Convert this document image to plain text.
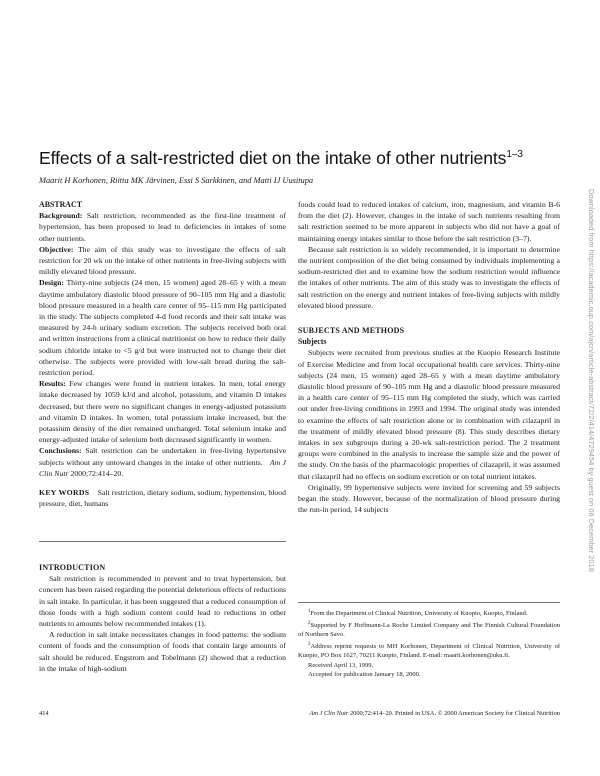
Effects of a salt-restricted diet on the intake of other nutrients$^{1-3}$
Maarit H Korhonen, Riitta MK Järvinen, Essi S Sarkkinen, and Matti IJ Uusitupa

ABSTRACT

Background: Salt restriction, recommended as the first-line treatment of hypertension, has been proposed to lead to deficiencies in intakes of some other nutrients.

Objective: The aim of this study was to investigate the effects of salt restriction for 20 wk on the intake of other nutrients in free-living subjects with mildly elevated blood pressure.

Design: Thirty-nine subjects (24 men, 15 women) aged 28–65 y with a mean daytime ambulatory diastolic blood pressure of 90–105 mm Hg and a diastolic blood pressure measured in a health care center of 95–115 mm Hg participated in the study. The subjects completed 4-d food records and their salt intake was measured by 24-h urinary sodium excretion. The subjects received both oral and written instructions from a clinical nutritionist on how to reduce their daily sodium chloride intake to <5 g/d but were instructed not to change their diet otherwise. The subjects were provided with low-salt bread during the salt-restriction period.

Results: Few changes were found in nutrient intakes. In men, total energy intake decreased by 1059 kJ/d and alcohol, potassium, and vitamin D intakes decreased, but there were no significant changes in energy-adjusted potassium and vitamin D intakes. In women, total potassium intake increased, but the potassium density of the diet remained unchanged. Total selenium intake and energy-adjusted intake of selenium both decreased significantly in women.

Conclusions: Salt restriction can be undertaken in free-living hypertensive subjects without any untoward changes in the intake of other nutrients. Am J Clin Nutr 2000;72:414–20.

KEY WORDS Salt restriction, dietary sodium, sodium, hypertension, blood pressure, diet, humans

INTRODUCTION

Salt restriction is recommended to prevent and to treat hypertension, but concern has been raised regarding the potential deleterious effects of reductions in salt intake. In particular, it has been suggested that a reduced consumption of those foods with a high sodium content could lead to reductions in other nutrients to amounts below recommended intakes (1).

A reduction in salt intake necessitates changes in food patterns: the sodium content of foods and the consumption of foods that contain large amounts of salt should be reduced. Engstrom and Tobelmann (2) showed that a reduction in the intake of high-sodium

foods could lead to reduced intakes of calcium, iron, magnesium, and vitamin B-6 from the diet (2). However, changes in the intake of such nutrients resulting from salt restriction seemed to be more apparent in subjects who did not have a goal of maintaining energy intakes similar to those before the salt restriction (3–7).

Because salt restriction is so widely recommended, it is important to determine the nutrient composition of the diet being consumed by individuals implementing a sodium-restricted diet and to examine how the sodium restriction would influence the intakes of other nutrients. The aim of this study was to investigate the effects of salt restriction on the energy and nutrient intakes of free-living subjects with mildly elevated blood pressure.

SUBJECTS AND METHODS

Subjects

Subjects were recruited from previous studies at the Kuopio Research Institute of Exercise Medicine and from local occupational health care services. Thirty-nine subjects (24 men, 15 women) aged 28–65 y with a mean daytime ambulatory diastolic blood pressure of 90–105 mm Hg and a diastolic blood pressure measured in a health care center of 95–115 mm Hg completed the study, which was carried out under free-living conditions in 1993 and 1994. The original study was intended to examine the effects of salt restriction alone or in combination with cilazapril in the treatment of mildly elevated blood pressure (8). This study describes dietary intakes in sex subgroups during a 20-wk salt-restriction period. The 2 treatment groups were combined in the analysis to increase the sample size and the power of the study. On the basis of the pharmacologic properties of cilazapril, it was assumed that cilazapril had no effects on sodium excretion or on total nutrient intakes.

Originally, 99 hypertensive subjects were invited for screening and 59 subjects began the study. However, because of the normalization of blood pressure during the run-in period, 14 subjects

$^1$From the Department of Clinical Nutrition, University of Kuopio, Kuopio, Finland.

$^2$Supported by F Hoffmann-La Roche Limited Company and The Finnish Cultural Foundation of Northern Savo.

$^3$Address reprint requests to MH Korhonen, Department of Clinical Nutrition, University of Kuopio, PO Box 1627, 70211 Kuopio, Finland. E-mail: maarit.korhonen@uku.fi.

Received April 13, 1999.

Accepted for publication January 18, 2000.

414	Am J Clin Nutr 2000;72:414–20. Printed in USA. © 2000 American Society for Clinical Nutrition
Downloaded from https://academic.oup.com/ajcn/article-abstract/72/2/414/4729454 by guest on 06 December 2018
